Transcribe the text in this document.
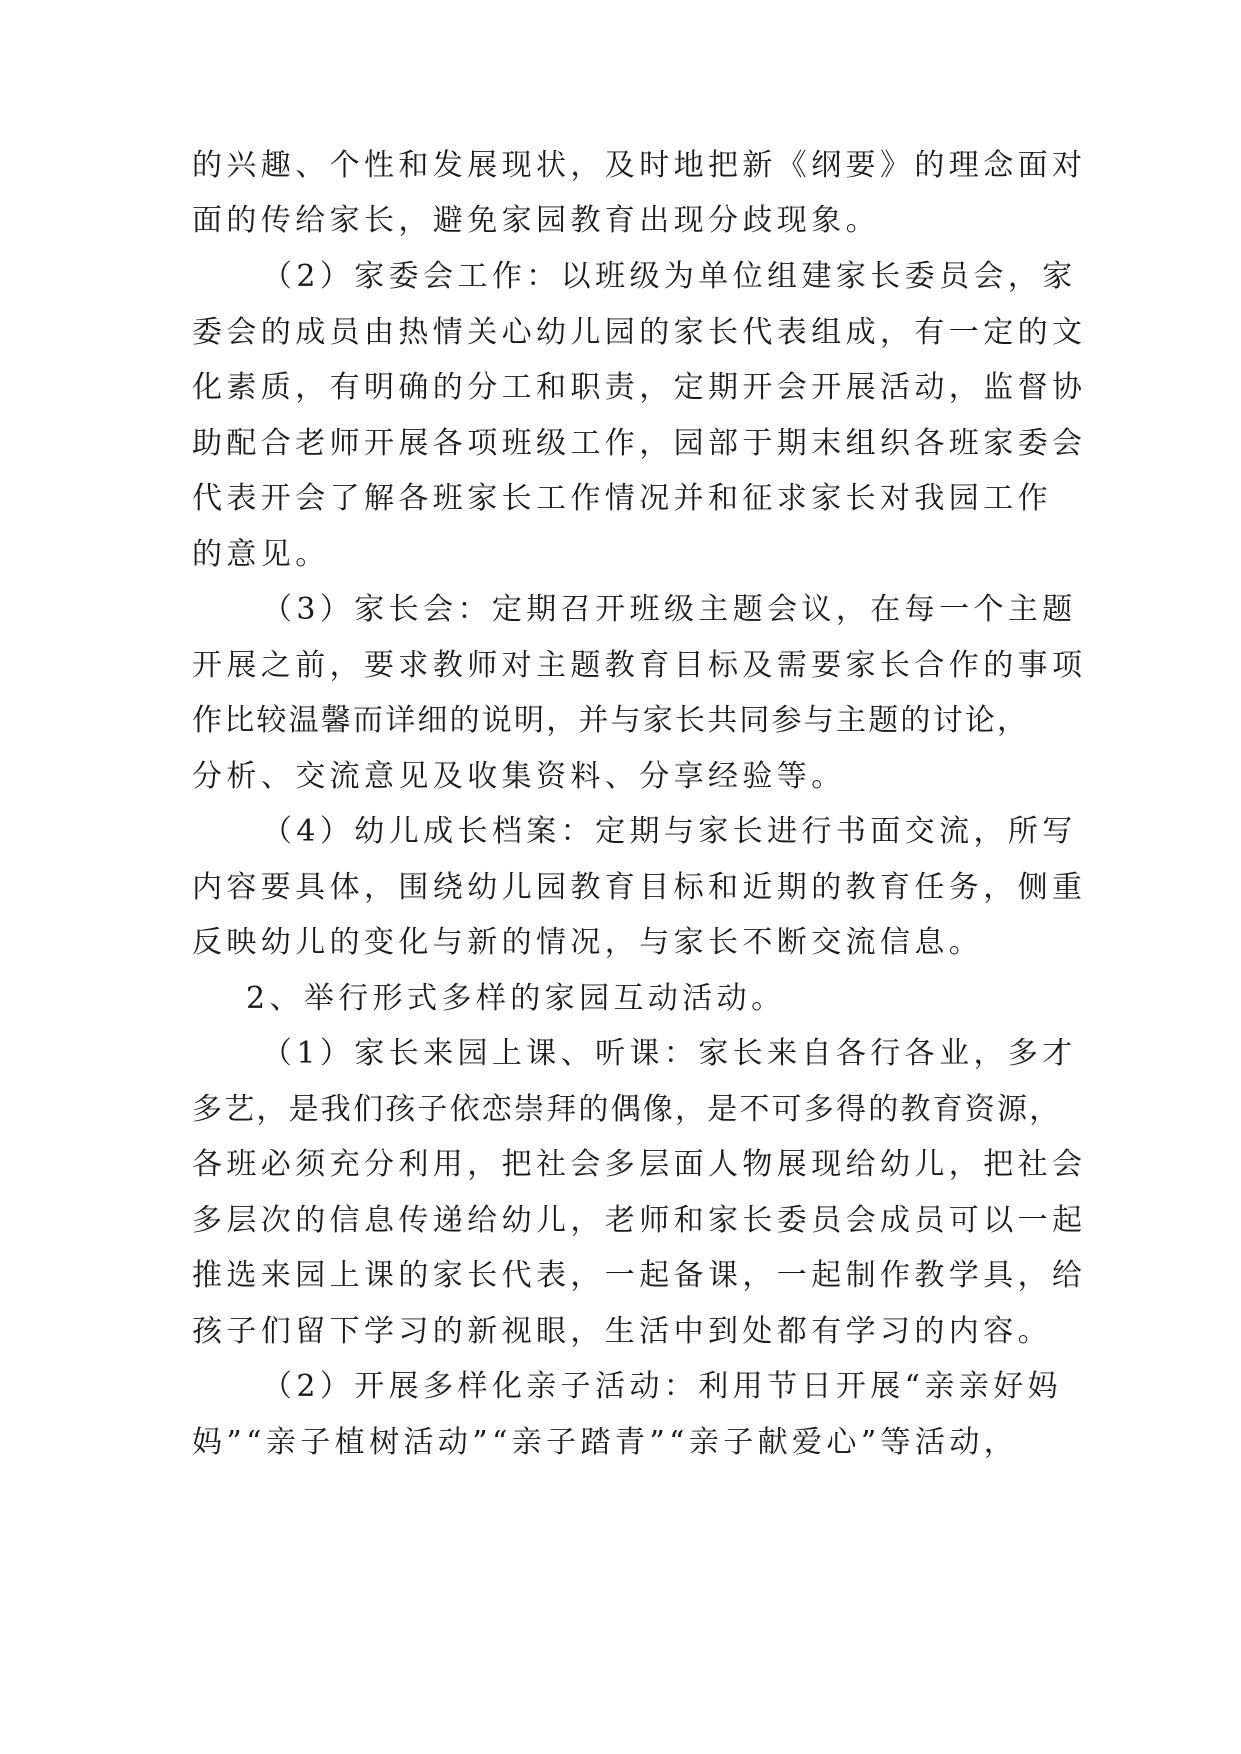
的兴趣、个性和发展现状，及时地把新《纲要》的理念面对
面的传给家长，避免家园教育出现分歧现象。
（2）家委会工作：以班级为单位组建家长委员会，家
委会的成员由热情关心幼儿园的家长代表组成，有一定的文
化素质，有明确的分工和职责，定期开会开展活动，监督协
助配合老师开展各项班级工作，园部于期末组织各班家委会
代表开会了解各班家长工作情况并和征求家长对我园工作
的意见。
（3）家长会：定期召开班级主题会议，在每一个主题
开展之前，要求教师对主题教育目标及需要家长合作的事项
作比较温馨而详细的说明，并与家长共同参与主题的讨论，
分析、交流意见及收集资料、分享经验等。
（4）幼儿成长档案：定期与家长进行书面交流，所写
内容要具体，围绕幼儿园教育目标和近期的教育任务，侧重
反映幼儿的变化与新的情况，与家长不断交流信息。
2、举行形式多样的家园互动活动。
（1）家长来园上课、听课：家长来自各行各业，多才
多艺，是我们孩子依恋崇拜的偶像，是不可多得的教育资源，
各班必须充分利用，把社会多层面人物展现给幼儿，把社会
多层次的信息传递给幼儿，老师和家长委员会成员可以一起
推选来园上课的家长代表，一起备课，一起制作教学具，给
孩子们留下学习的新视眼，生活中到处都有学习的内容。
（2）开展多样化亲子活动：利用节日开展“亲亲好妈
妈”“亲子植树活动”“亲子踏青”“亲子献爱心”等活动，
